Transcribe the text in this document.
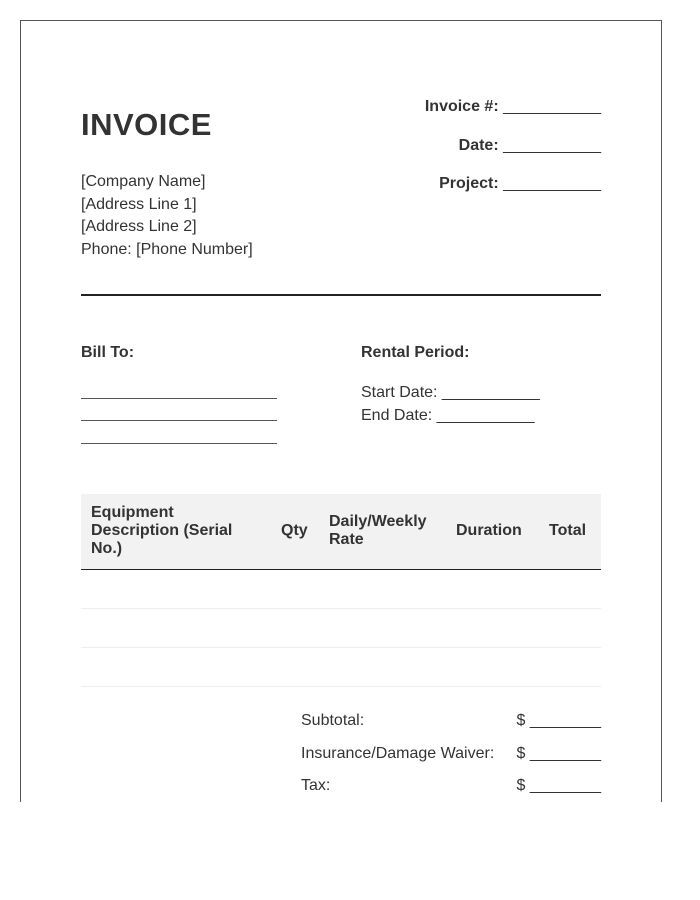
INVOICE
[Company Name]
[Address Line 1]
[Address Line 2]
Phone: [Phone Number]
Invoice #: ___________
Date: ___________
Project: ___________
Bill To:	Rental Period:
Start Date: ___________
End Date: ___________
Equipment Description (Serial No.)	Qty	Daily/Weekly Rate	Duration	Total

Subtotal:	$ ________
Insurance/Damage Waiver: $ ________
Tax:	$ ________
